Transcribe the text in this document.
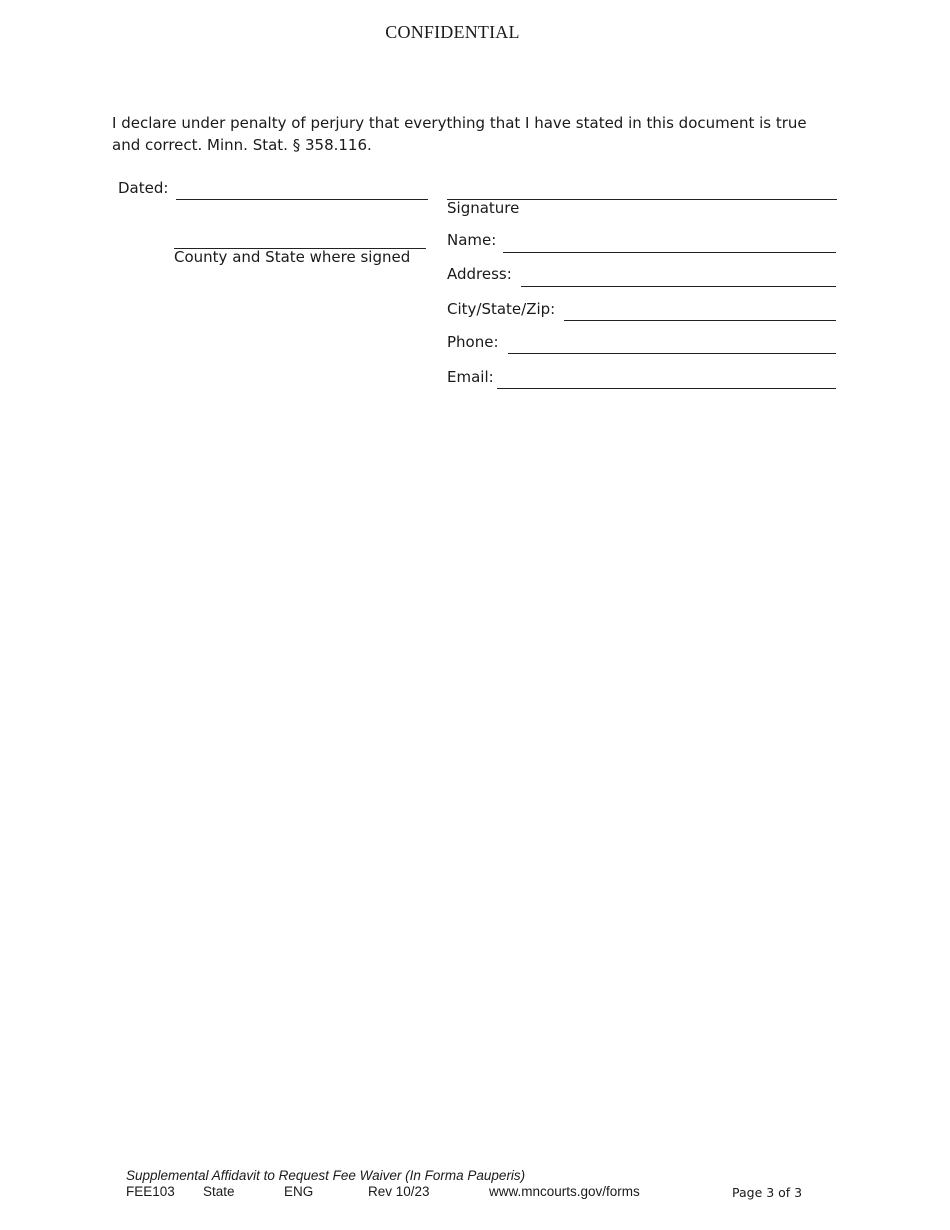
CONFIDENTIAL
I declare under penalty of perjury that everything that I have stated in this document is true
and correct. Minn. Stat. § 358.116.
Dated:
County and State where signed
Signature
Name:
Address:
City/State/Zip:
Phone:
Email:
Supplemental Affidavit to Request Fee Waiver (In Forma Pauperis)
FEE103 State	ENG	Rev 10/23	www.mncourts.gov/forms	Page 3 of 3
